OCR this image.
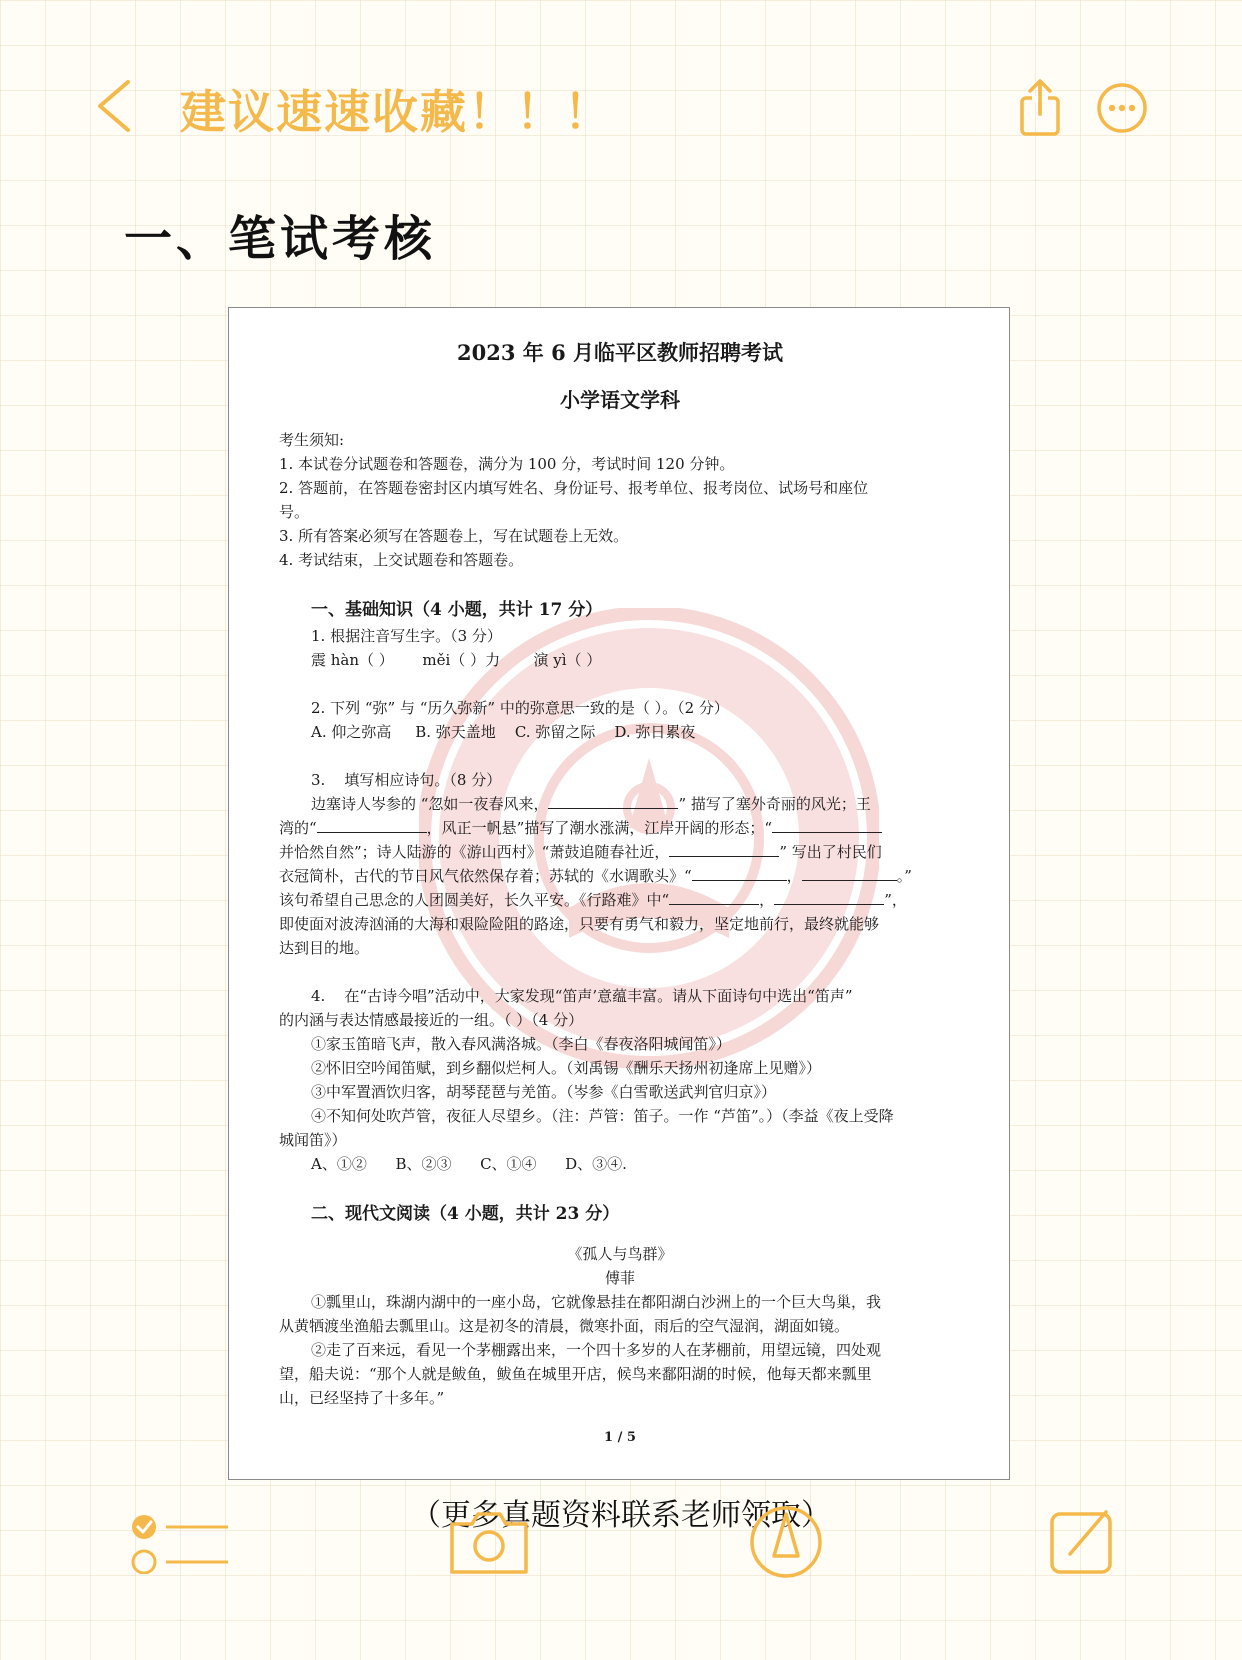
建议速速收藏！！！
一、笔试考核
2023 年 6 月临平区教师招聘考试
小学语文学科
考生须知:
1. 本试卷分试题卷和答题卷，满分为 100 分，考试时间 120 分钟。
2. 答题前，在答题卷密封区内填写姓名、身份证号、报考单位、报考岗位、试场号和座位
号。
3. 所有答案必须写在答题卷上，写在试题卷上无效。
4. 考试结束，上交试题卷和答题卷。
一、基础知识（4 小题，共计 17 分）
1. 根据注音写生字。（3 分）
震 hàn（ ）      měi（ ）力       演 yì（ ）
2. 下列 “弥” 与 “历久弥新” 中的弥意思一致的是（ ）。（2 分）
A. 仰之弥高     B. 弥天盖地    C. 弥留之际    D. 弥日累夜
3.    填写相应诗句。（8 分）
边塞诗人岑参的 “忽如一夜春风来，	” 描写了塞外奇丽的风光；王
湾的“	，风正一帆悬”描写了潮水涨满，江岸开阔的形态；“
并恰然自然”；诗人陆游的《游山西村》“萧鼓追随春社近，	” 写出了村民们
衣冠简朴，古代的节日风气依然保存着；苏轼的《水调歌头》“	，	。”
该句希望自己思念的人团圆美好，长久平安。《行路难》中“	，	”，
即使面对波涛汹涌的大海和艰险险阻的路途，只要有勇气和毅力，坚定地前行，最终就能够
达到目的地。
4.    在“古诗今唱”活动中，大家发现“笛声’意蕴丰富。请从下面诗句中选出“笛声”
的内涵与表达情感最接近的一组。（ ）（4 分）
①家玉笛暗飞声，散入春风满洛城。（李白《春夜洛阳城闻笛》）
②怀旧空吟闻笛赋，到乡翻似烂柯人。（刘禹锡《酬乐天扬州初逢席上见赠》）
③中军置酒饮归客，胡琴琵琶与羌笛。（岑参《白雪歌送武判官归京》）
④不知何处吹芦管，夜征人尽望乡。（注：芦管：笛子。一作 “芦笛”。）（李益《夜上受降
城闻笛》）
A、①②      B、②③      C、①④      D、③④.
二、现代文阅读（4 小题，共计 23 分）
《孤人与鸟群》
傅菲
①瓢里山，珠湖内湖中的一座小岛，它就像悬挂在都阳湖白沙洲上的一个巨大鸟巢，我
从黄牺渡坐渔船去瓢里山。这是初冬的清晨，微寒扑面，雨后的空气湿润，湖面如镜。
②走了百来远，看见一个茅棚露出来，一个四十多岁的人在茅棚前，用望远镜，四处观
望，船夫说：“那个人就是鲅鱼，鲅鱼在城里开店，候鸟来鄱阳湖的时候，他每天都来瓢里
山，已经坚持了十多年。”
1 / 5
（更多真题资料联系老师领取）
